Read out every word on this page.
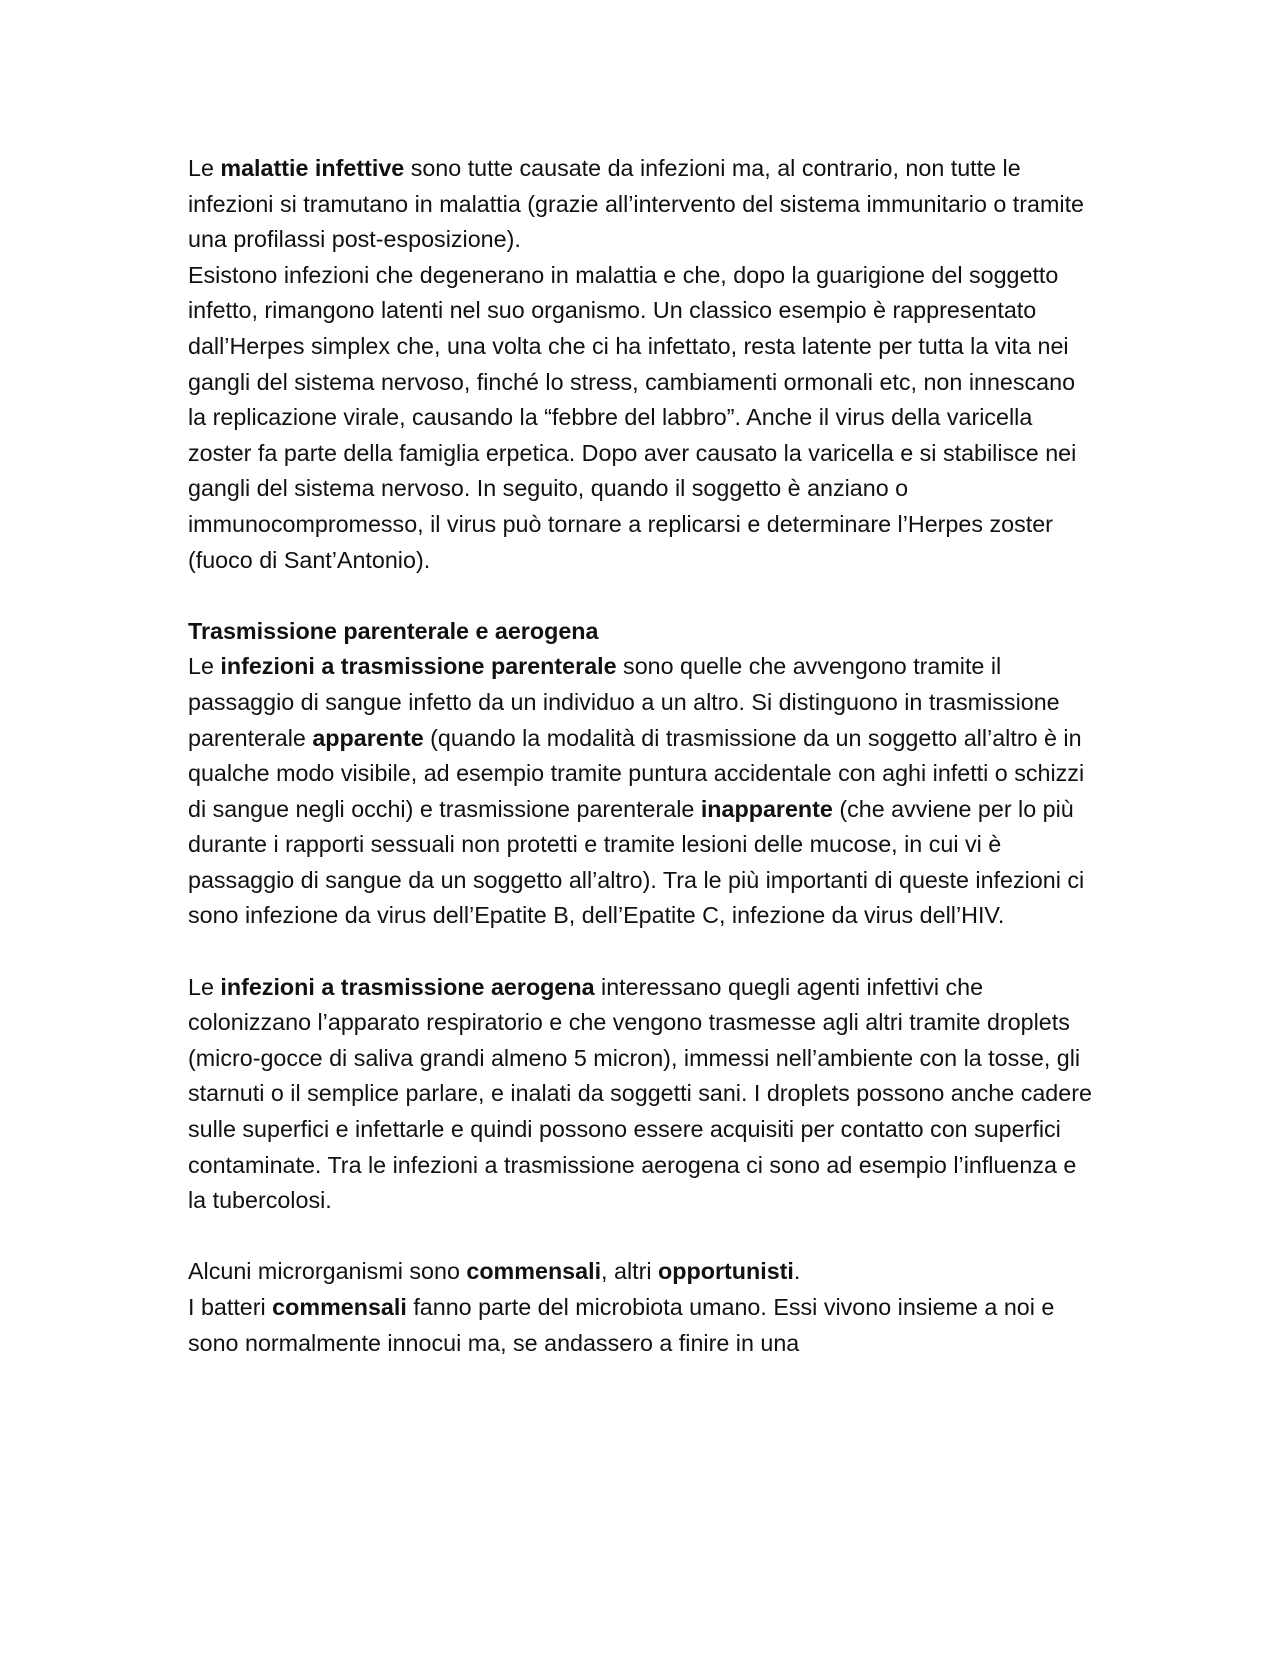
Le malattie infettive sono tutte causate da infezioni ma, al contrario, non tutte le infezioni si tramutano in malattia (grazie all’intervento del sistema immunitario o tramite una profilassi post-esposizione).

Esistono infezioni che degenerano in malattia e che, dopo la guarigione del soggetto infetto, rimangono latenti nel suo organismo. Un classico esempio è rappresentato dall’Herpes simplex che, una volta che ci ha infettato, resta latente per tutta la vita nei gangli del sistema nervoso, finché lo stress, cambiamenti ormonali etc, non innescano la replicazione virale, causando la “febbre del labbro”. Anche il virus della varicella zoster fa parte della famiglia erpetica. Dopo aver causato la varicella e si stabilisce nei gangli del sistema nervoso. In seguito, quando il soggetto è anziano o immunocompromesso, il virus può tornare a replicarsi e determinare l’Herpes zoster (fuoco di Sant’Antonio).

Trasmissione parenterale e aerogena

Le infezioni a trasmissione parenterale sono quelle che avvengono tramite il passaggio di sangue infetto da un individuo a un altro. Si distinguono in trasmissione parenterale apparente (quando la modalità di trasmissione da un soggetto all’altro è in qualche modo visibile, ad esempio tramite puntura accidentale con aghi infetti o schizzi di sangue negli occhi) e trasmissione parenterale inapparente (che avviene per lo più durante i rapporti sessuali non protetti e tramite lesioni delle mucose, in cui vi è passaggio di sangue da un soggetto all’altro). Tra le più importanti di queste infezioni ci sono infezione da virus dell’Epatite B, dell’Epatite C, infezione da virus dell’HIV.

Le infezioni a trasmissione aerogena interessano quegli agenti infettivi che colonizzano l’apparato respiratorio e che vengono trasmesse agli altri tramite droplets (micro-gocce di saliva grandi almeno 5 micron), immessi nell’ambiente con la tosse, gli starnuti o il semplice parlare, e inalati da soggetti sani. I droplets possono anche cadere sulle superfici e infettarle e quindi possono essere acquisiti per contatto con superfici contaminate. Tra le infezioni a trasmissione aerogena ci sono ad esempio l’influenza e la tubercolosi.

Alcuni microrganismi sono commensali, altri opportunisti.

I batteri commensali fanno parte del microbiota umano. Essi vivono insieme a noi e sono normalmente innocui ma, se andassero a finire in una
